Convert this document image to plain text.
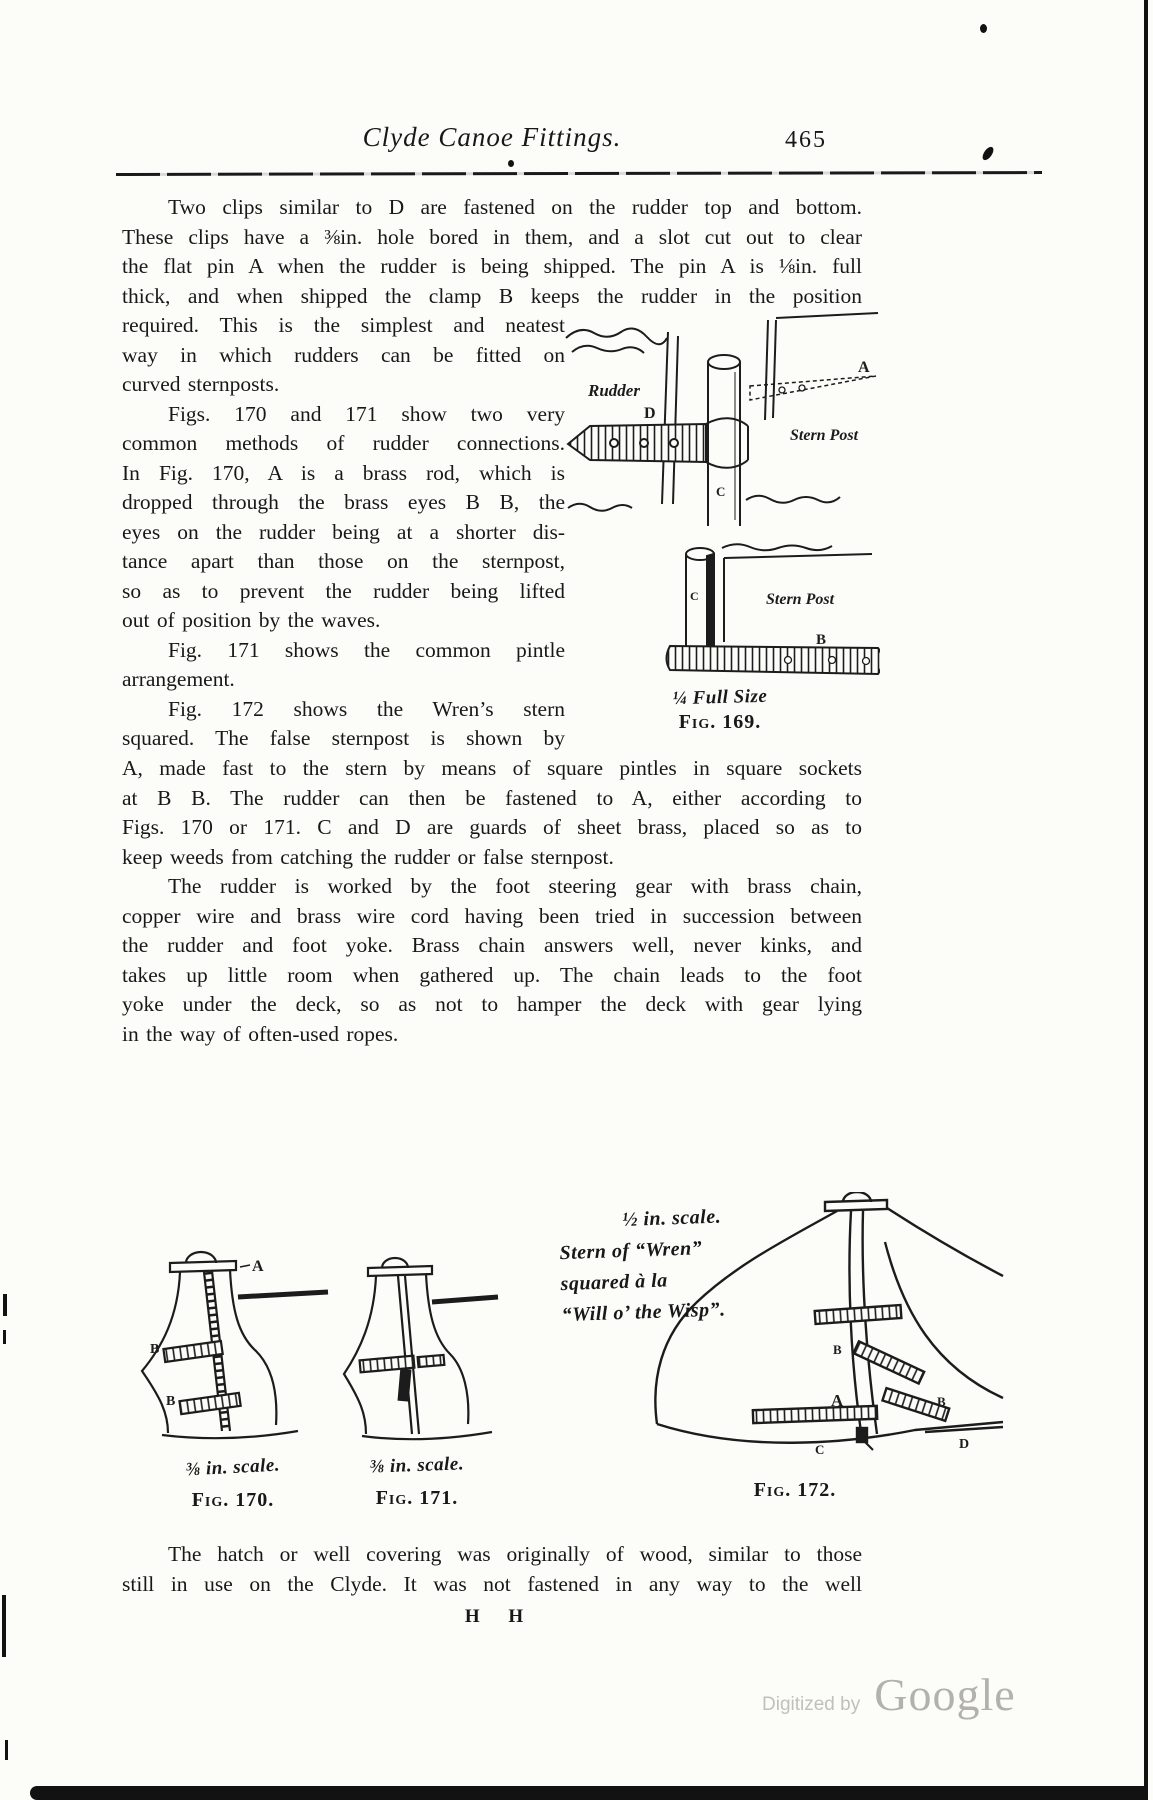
Clyde Canoe Fittings.	465
Two clips similar to D are fastened on the rudder top and bottom.
These clips have a ⅜in. hole bored in them, and a slot cut out to clear
the flat pin A when the rudder is being shipped. The pin A is ⅛in. full
thick, and when shipped the clamp B keeps the rudder in the position
required. This is the simplest and neatest
way in which rudders can be fitted on
curved sternposts.
Figs. 170 and 171 show two very
common methods of rudder connections.
In Fig. 170, A is a brass rod, which is
dropped through the brass eyes B B, the
eyes on the rudder being at a shorter dis-
tance apart than those on the sternpost,
so as to prevent the rudder being lifted
out of position by the waves.
Fig. 171 shows the common pintle
arrangement.
Fig. 172 shows the Wren’s stern
squared. The false sternpost is shown by
A, made fast to the stern by means of square pintles in square sockets
at B B. The rudder can then be fastened to A, either according to
Figs. 170 or 171. C and D are guards of sheet brass, placed so as to
keep weeds from catching the rudder or false sternpost.
The rudder is worked by the foot steering gear with brass chain,
copper wire and brass wire cord having been tried in succession between
the rudder and foot yoke. Brass chain answers well, never kinks, and
takes up little room when gathered up. The chain leads to the foot
yoke under the deck, so as not to hamper the deck with gear lying
in the way of often-used ropes.
Rudder
A
D
C
Stern Post
B
C	Stern Post
¼ Full Size
Fig. 169.
A
B
B
⅜ in. scale.
Fig. 170.
⅜ in. scale.
Fig. 171.
A
B
B
C	D
Fig. 172.
½ in. scale.
Stern of “Wren”
squared à la
“Will o’ the Wisp”.
The hatch or well covering was originally of wood, similar to those
still in use on the Clyde. It was not fastened in any way to the well
H H
Digitized by Google
